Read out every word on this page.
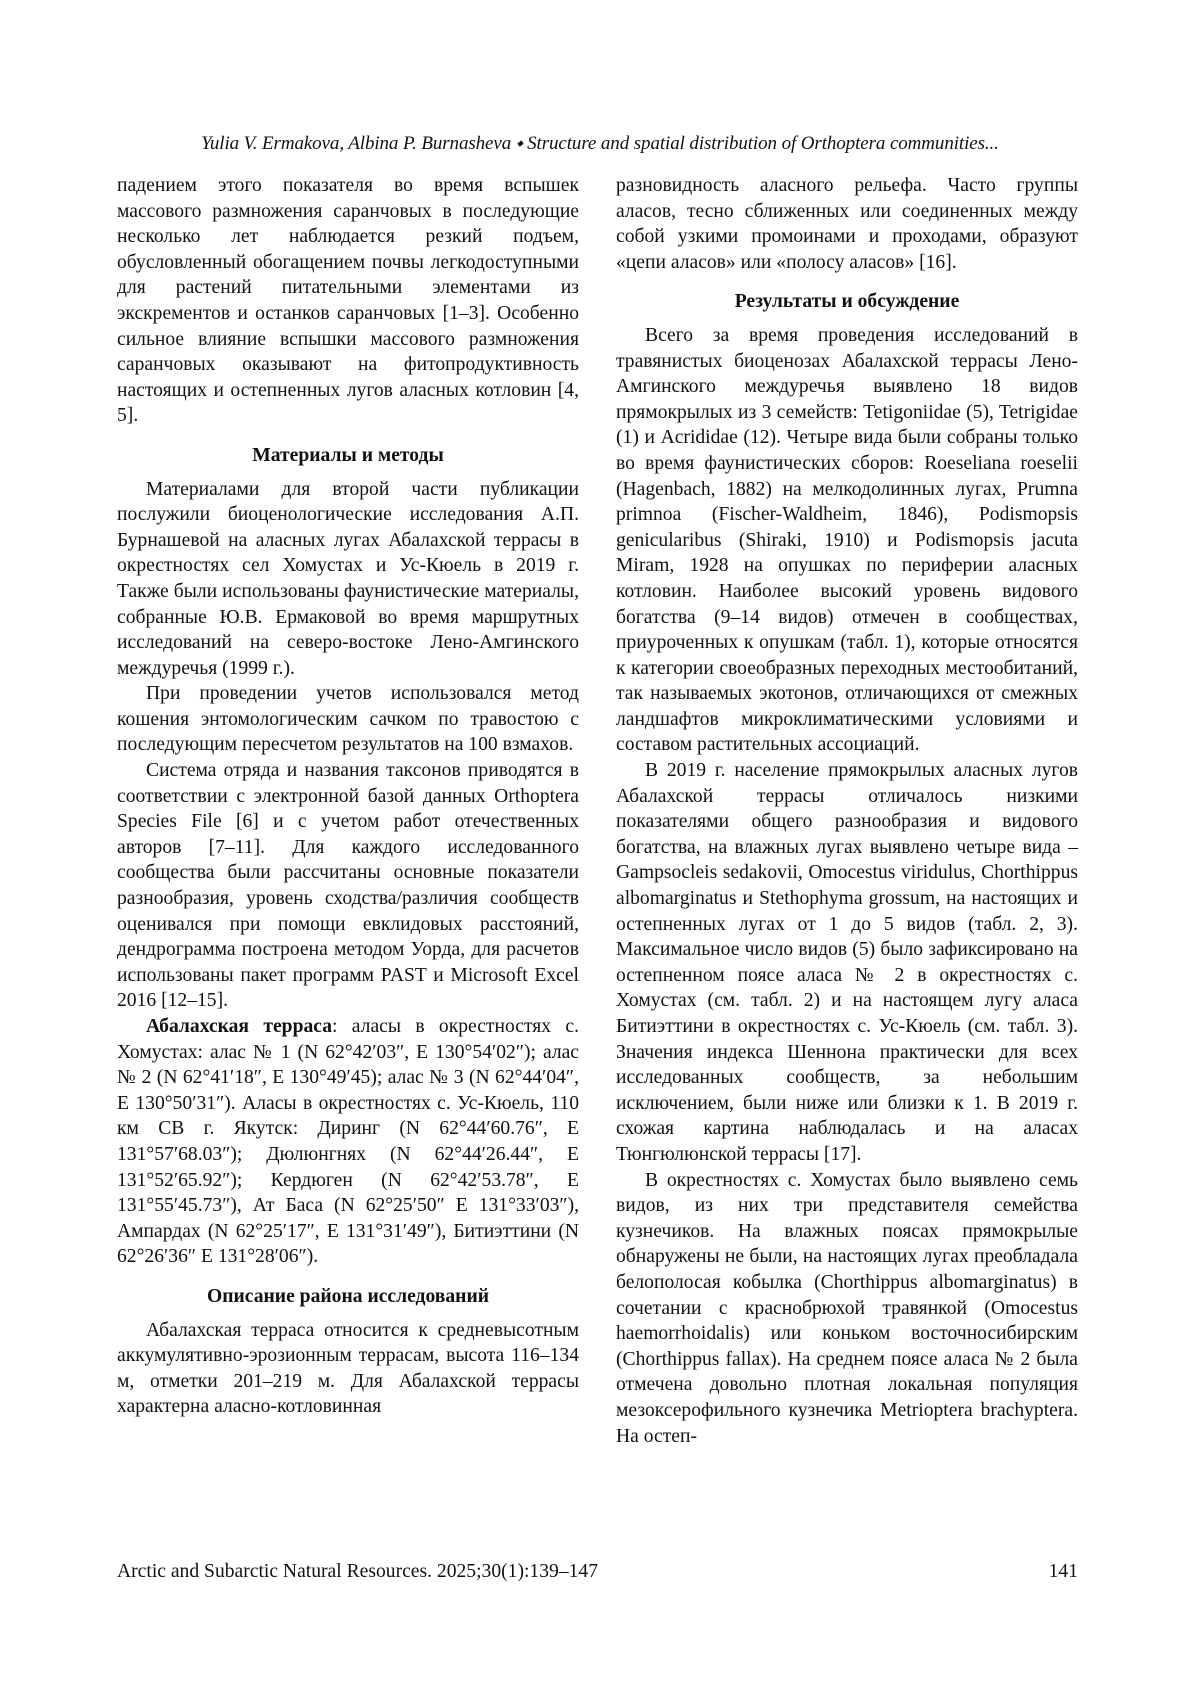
Yulia V. Ermakova, Albina P. Burnasheva ⬩ Structure and spatial distribution of Orthoptera communities...

падением этого показателя во время вспышек массового размножения саранчовых в последующие несколько лет наблюдается резкий подъем, обусловленный обогащением почвы легкодоступными для растений питательными элементами из экскрементов и останков саранчовых [1–3]. Особенно сильное влияние вспышки массового размножения саранчовых оказывают на фитопродуктивность настоящих и остепненных лугов аласных котловин [4, 5].

Материалы и методы

Материалами для второй части публикации послужили биоценологические исследования А.П. Бурнашевой на аласных лугах Абалахской террасы в окрестностях сел Хомустах и Ус-Кюель в 2019 г. Также были использованы фаунистические материалы, собранные Ю.В. Ермаковой во время маршрутных исследований на северо-востоке Лено-Амгинского междуречья (1999 г.).

При проведении учетов использовался метод кошения энтомологическим сачком по травостою с последующим пересчетом результатов на 100 взмахов.

Система отряда и названия таксонов приводятся в соответствии с электронной базой данных Orthoptera Species File [6] и с учетом работ отечественных авторов [7–11]. Для каждого исследованного сообщества были рассчитаны основные показатели разнообразия, уровень сходства/различия сообществ оценивался при помощи евклидовых расстояний, дендрограмма построена методом Уорда, для расчетов использованы пакет программ PAST и Microsoft Excel 2016 [12–15].

Абалахская терраса: аласы в окрестностях с. Хомустах: алас № 1 (N 62°42′03″, E 130°54′02″); алас № 2 (N 62°41′18″, E 130°49′45); алас № 3 (N 62°44′04″, E 130°50′31″). Аласы в окрестностях с. Ус-Кюель, 110 км СВ г. Якутск: Диринг (N 62°44′60.76″, E 131°57′68.03″); Дюлюнгнях (N 62°44′26.44″, E 131°52′65.92″); Кердюген (N 62°42′53.78″, E 131°55′45.73″), Ат Баса (N 62°25′50″ E 131°33′03″), Ампардах (N 62°25′17″, E 131°31′49″), Битиэттини (N 62°26′36″ E 131°28′06″).

Описание района исследований

Абалахская терраса относится к средневысотным аккумулятивно-эрозионным террасам, высота 116–134 м, отметки 201–219 м. Для Абалахской террасы характерна аласно-котловинная

разновидность аласного рельефа. Часто группы аласов, тесно сближенных или соединенных между собой узкими промоинами и проходами, образуют «цепи аласов» или «полосу аласов» [16].

Результаты и обсуждение

Всего за время проведения исследований в травянистых биоценозах Абалахской террасы Лено-Амгинского междуречья выявлено 18 видов прямокрылых из 3 семейств: Tetigoniidae (5), Tetrigidae (1) и Acrididae (12). Четыре вида были собраны только во время фаунистических сборов: Roeseliana roeselii (Hagenbach, 1882) на мелкодолинных лугах, Prumna primnoa (Fischer-Waldheim, 1846), Podismopsis genicularibus (Shiraki, 1910) и Podismopsis jacuta Miram, 1928 на опушках по периферии аласных котловин. Наиболее высокий уровень видового богатства (9–14 видов) отмечен в сообществах, приуроченных к опушкам (табл. 1), которые относятся к категории своеобразных переходных местообитаний, так называемых экотонов, отличающихся от смежных ландшафтов микроклиматическими условиями и составом растительных ассоциаций.

В 2019 г. население прямокрылых аласных лугов Абалахской террасы отличалось низкими показателями общего разнообразия и видового богатства, на влажных лугах выявлено четыре вида – Gampsocleis sedakovii, Omocestus viridulus, Chorthippus albomarginatus и Stethophyma grossum, на настоящих и остепненных лугах от 1 до 5 видов (табл. 2, 3). Максимальное число видов (5) было зафиксировано на остепненном поясе аласа № 2 в окрестностях с. Хомустах (см. табл. 2) и на настоящем лугу аласа Битиэттини в окрестностях с. Ус-Кюель (см. табл. 3). Значения индекса Шеннона практически для всех исследованных сообществ, за небольшим исключением, были ниже или близки к 1. В 2019 г. схожая картина наблюдалась и на аласах Тюнгюлюнской террасы [17].

В окрестностях с. Хомустах было выявлено семь видов, из них три представителя семейства кузнечиков. На влажных поясах прямокрылые обнаружены не были, на настоящих лугах преобладала белополосая кобылка (Chorthippus albomarginatus) в сочетании с краснобрюхой травянкой (Omocestus haemorrhoidalis) или коньком восточносибирским (Chorthippus fallax). На среднем поясе аласа № 2 была отмечена довольно плотная локальная популяция мезоксерофильного кузнечика Metrioptera brachyptera. На остеп-

Arctic and Subarctic Natural Resources. 2025;30(1):139–147	141
